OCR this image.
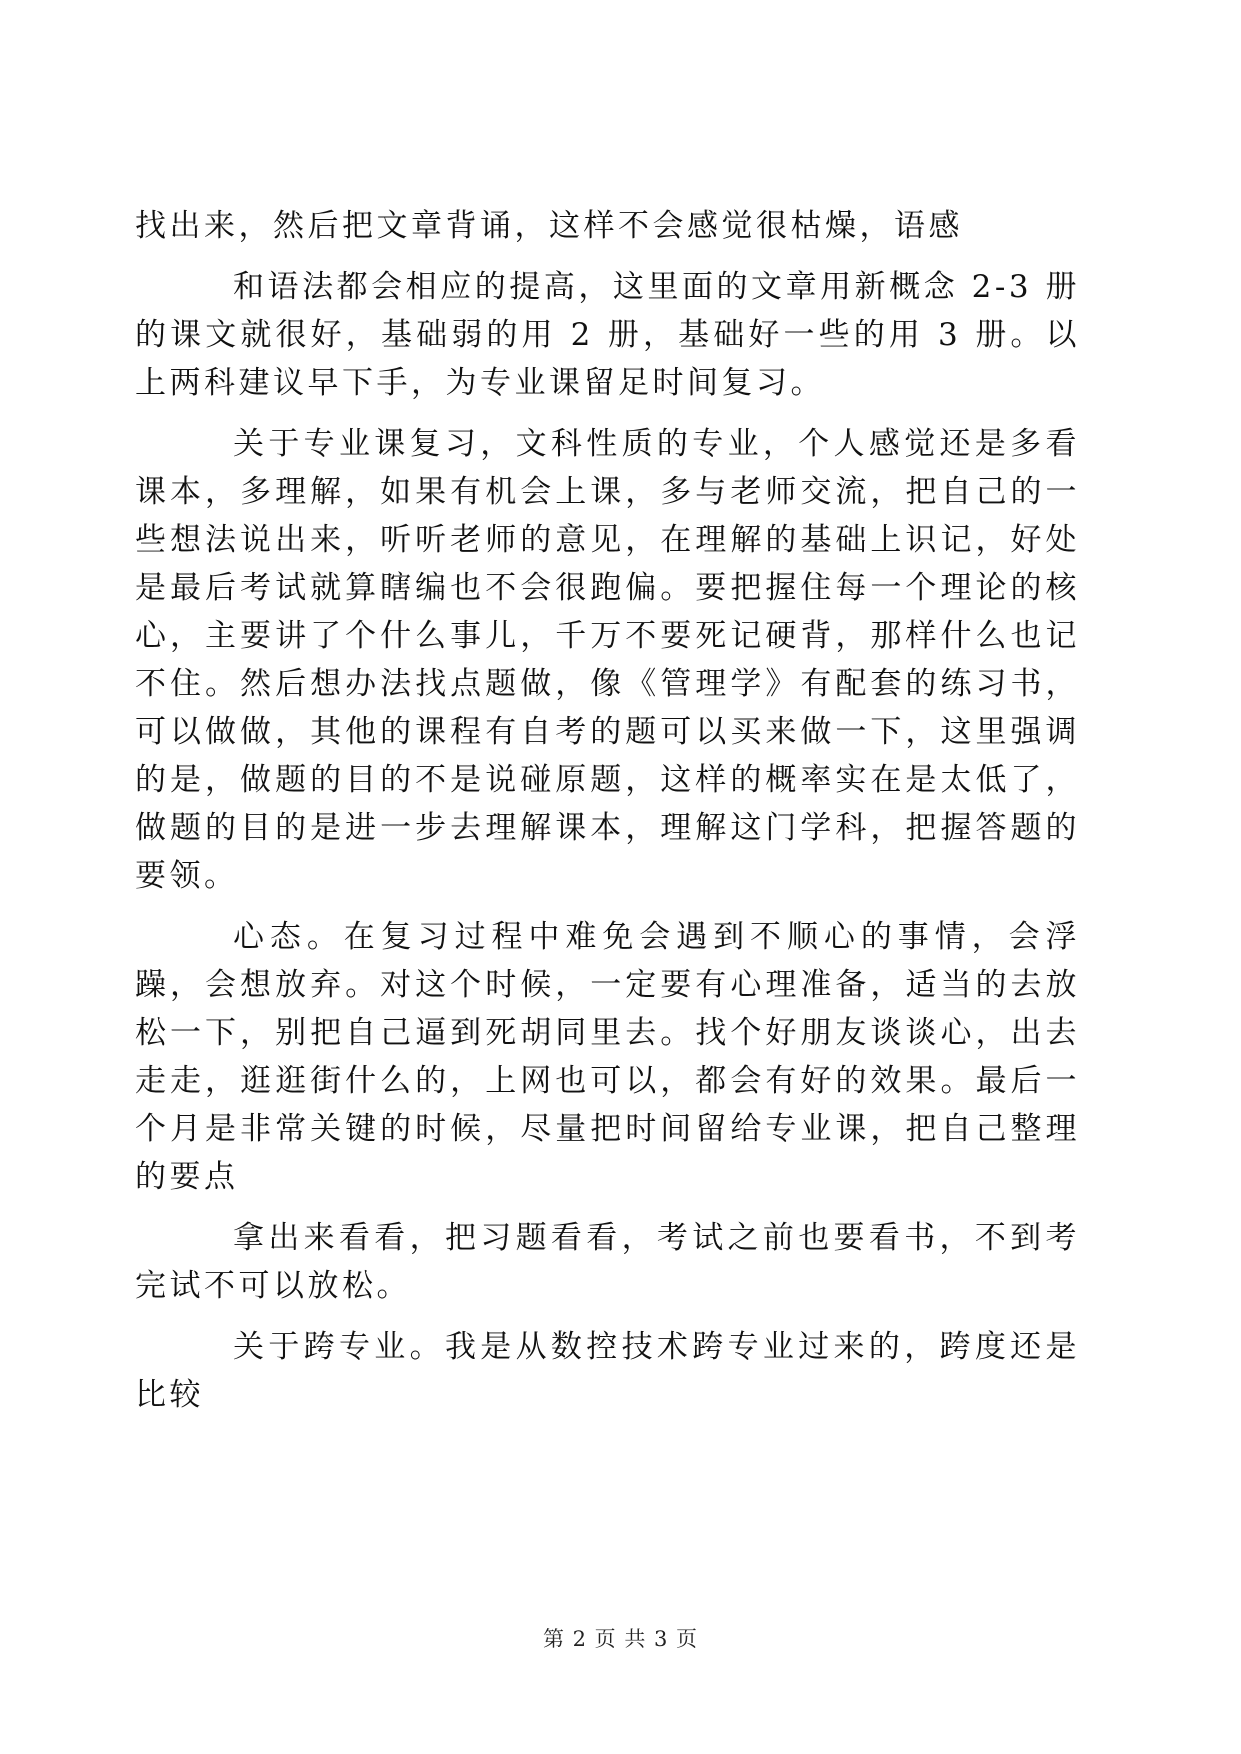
找出来，然后把文章背诵，这样不会感觉很枯燥，语感

和语法都会相应的提高，这里面的文章用新概念 2-3 册的课文就很好，基础弱的用 2 册，基础好一些的用 3 册。以上两科建议早下手，为专业课留足时间复习。

关于专业课复习，文科性质的专业，个人感觉还是多看课本，多理解，如果有机会上课，多与老师交流，把自己的一些想法说出来，听听老师的意见，在理解的基础上识记，好处是最后考试就算瞎编也不会很跑偏。要把握住每一个理论的核心，主要讲了个什么事儿，千万不要死记硬背，那样什么也记不住。然后想办法找点题做，像《管理学》有配套的练习书，可以做做，其他的课程有自考的题可以买来做一下，这里强调的是，做题的目的不是说碰原题，这样的概率实在是太低了，做题的目的是进一步去理解课本，理解这门学科，把握答题的要领。

心态。在复习过程中难免会遇到不顺心的事情，会浮躁，会想放弃。对这个时候，一定要有心理准备，适当的去放松一下，别把自己逼到死胡同里去。找个好朋友谈谈心，出去走走，逛逛街什么的，上网也可以，都会有好的效果。最后一个月是非常关键的时候，尽量把时间留给专业课，把自己整理的要点

拿出来看看，把习题看看，考试之前也要看书，不到考完试不可以放松。

关于跨专业。我是从数控技术跨专业过来的，跨度还是比较

第 2 页 共 3 页
